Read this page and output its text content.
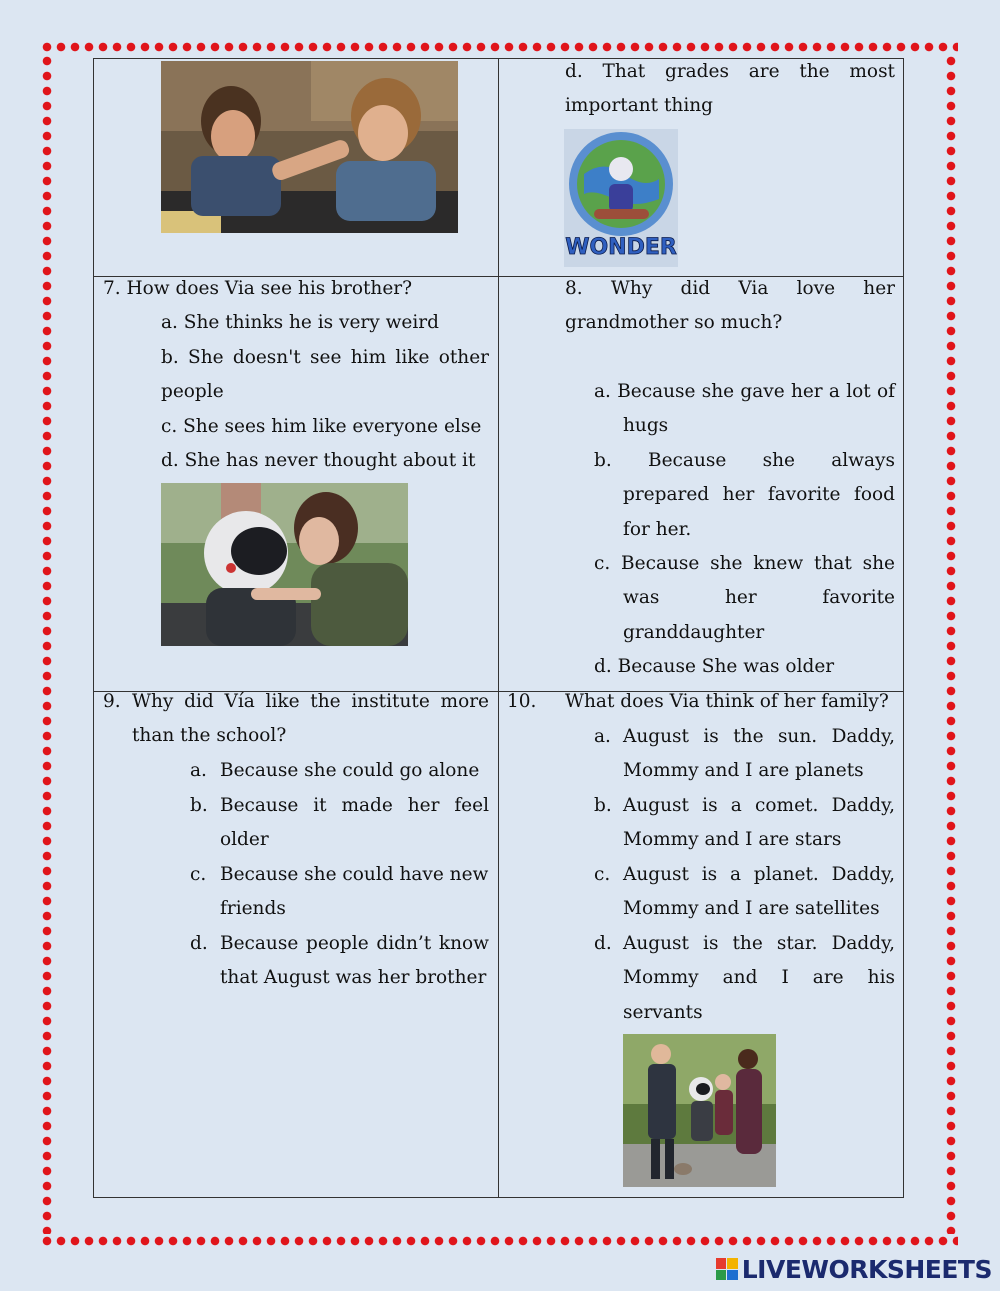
d. That grades are the most
important thing
WONDER
7. How does Via see his brother?
a. She thinks he is very weird
b. She doesn't see him like other people
c. She sees him like everyone else
d. She has never thought about it
8. Why did Via love her
grandmother so much?
a. Because she gave her a lot of hugs
b. Because she always prepared her favorite food for her.
c. Because she knew that she was her favorite granddaughter
d. Because She was older
9. Why did Vía like the institute more than the school?
a. Because she could go alone
b. Because it made her feel older
c. Because she could have new friends
d. Because people didn’t know that August was her brother
10. What does Via think of her family?
a. August is the sun. Daddy, Mommy and I are planets
b. August is a comet. Daddy, Mommy and I are stars
c. August is a planet. Daddy, Mommy and I are satellites
d. August is the star. Daddy, Mommy and I are his servants
LIVEWORKSHEETS
